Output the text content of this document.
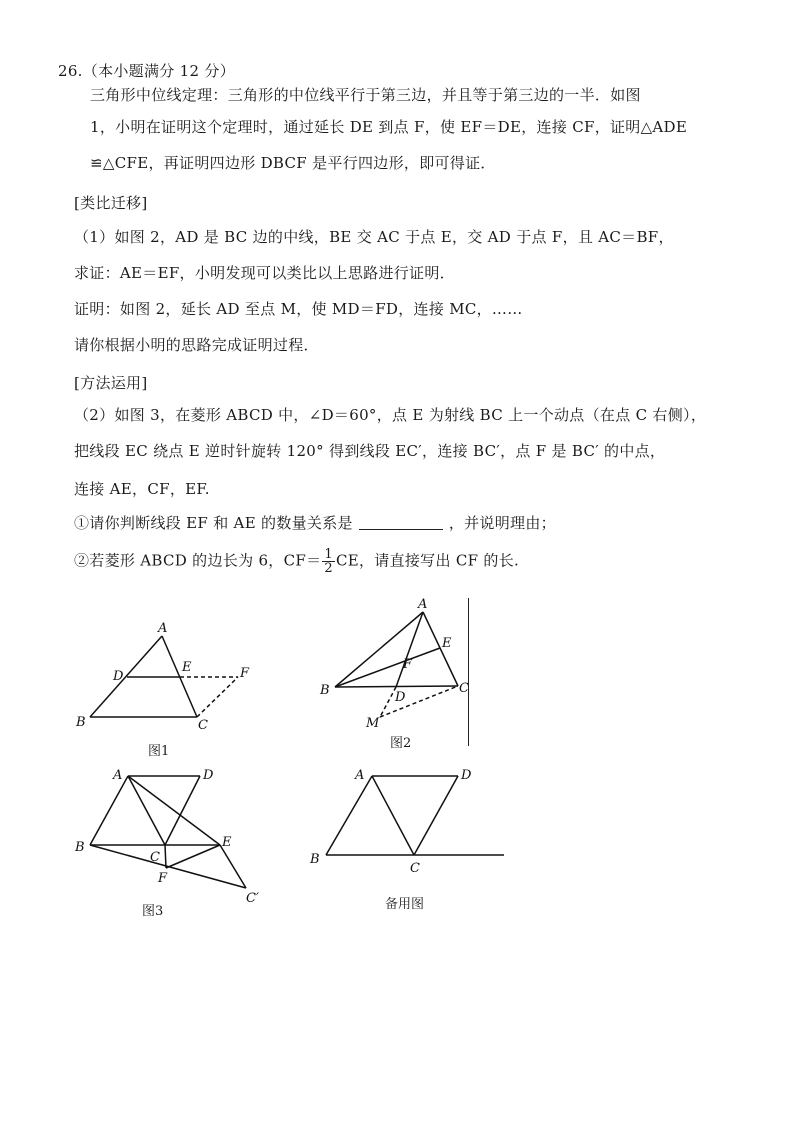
26.（本小题满分 12 分）
三角形中位线定理：三角形的中位线平行于第三边，并且等于第三边的一半．如图
1，小明在证明这个定理时，通过延长 DE 到点 F，使 EF＝DE，连接 CF，证明△ADE
≌△CFE，再证明四边形 DBCF 是平行四边形，即可得证．
[类比迁移]
（1）如图 2，AD 是 BC 边的中线，BE 交 AC 于点 E，交 AD 于点 F，且 AC＝BF，
求证：AE＝EF，小明发现可以类比以上思路进行证明．
证明：如图 2，延长 AD 至点 M，使 MD＝FD，连接 MC，……
请你根据小明的思路完成证明过程．
[方法运用]
（2）如图 3，在菱形 ABCD 中，∠D＝60°，点 E 为射线 BC 上一个动点（在点 C 右侧），
把线段 EC 绕点 E 逆时针旋转 120° 得到线段 EC′，连接 BC′，点 F 是 BC′ 的中点，
连接 AE，CF，EF.
①请你判断线段 EF 和 AE 的数量关系是	，并说明理由；
②若菱形 ABCD 的边长为 6，$CF= \frac{1}{2}$ CE，请直接写出 CF 的长.
A
D
E	F
B	C
图1
A
E
F
B	D
C
M
图2
A	D
B
C
E
F
C′
图3
A	D
B
C
备用图
